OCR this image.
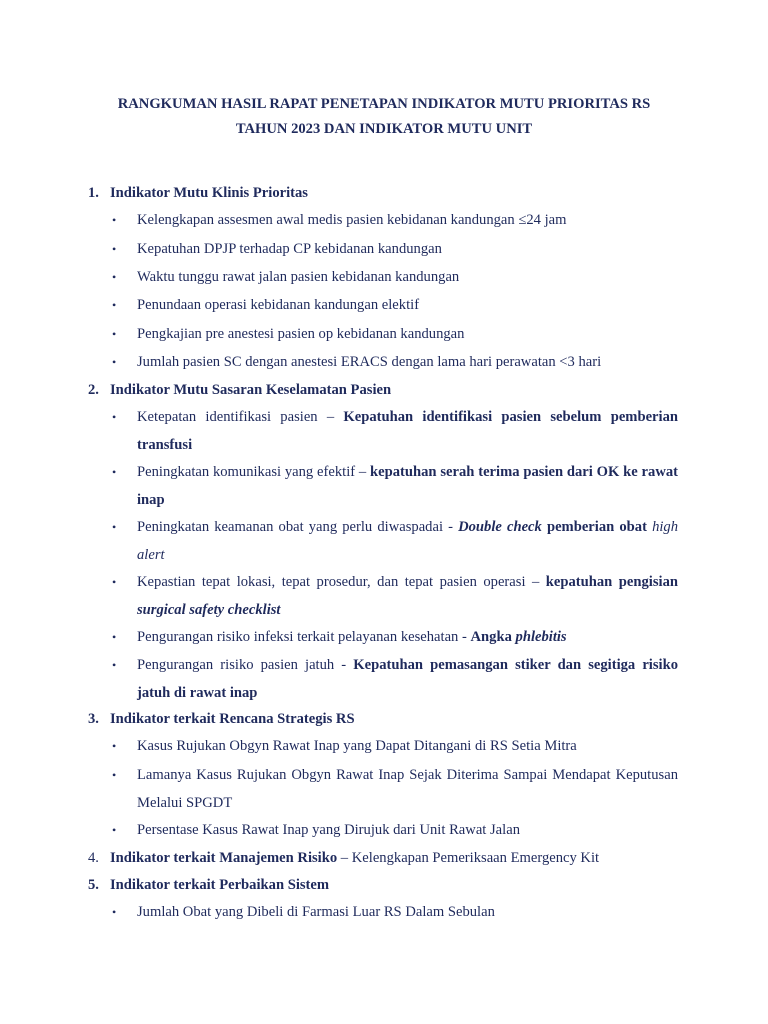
RANGKUMAN HASIL RAPAT PENETAPAN INDIKATOR MUTU PRIORITAS RS
TAHUN 2023 DAN INDIKATOR MUTU UNIT
1. Indikator Mutu Klinis Prioritas
•	Kelengkapan assesmen awal medis pasien kebidanan kandungan ≤24 jam
•	Kepatuhan DPJP terhadap CP kebidanan kandungan
•	Waktu tunggu rawat jalan pasien kebidanan kandungan
•	Penundaan operasi kebidanan kandungan elektif
•	Pengkajian pre anestesi pasien op kebidanan kandungan
•	Jumlah pasien SC dengan anestesi ERACS dengan lama hari perawatan <3 hari
2. Indikator Mutu Sasaran Keselamatan Pasien
•	Ketepatan identifikasi pasien – Kepatuhan identifikasi pasien sebelum pemberian transfusi
•	Peningkatan komunikasi yang efektif – kepatuhan serah terima pasien dari OK ke rawat inap
•	Peningkatan keamanan obat yang perlu diwaspadai - Double check pemberian obat high alert
•	Kepastian tepat lokasi, tepat prosedur, dan tepat pasien operasi – kepatuhan pengisian surgical safety checklist
•	Pengurangan risiko infeksi terkait pelayanan kesehatan - Angka phlebitis
•	Pengurangan risiko pasien jatuh - Kepatuhan pemasangan stiker dan segitiga risiko jatuh di rawat inap
3. Indikator terkait Rencana Strategis RS
•	Kasus Rujukan Obgyn Rawat Inap yang Dapat Ditangani di RS Setia Mitra
•	Lamanya Kasus Rujukan Obgyn Rawat Inap Sejak Diterima Sampai Mendapat Keputusan Melalui SPGDT
•	Persentase Kasus Rawat Inap yang Dirujuk dari Unit Rawat Jalan
4. Indikator terkait Manajemen Risiko – Kelengkapan Pemeriksaan Emergency Kit
5. Indikator terkait Perbaikan Sistem
•	Jumlah Obat yang Dibeli di Farmasi Luar RS Dalam Sebulan
